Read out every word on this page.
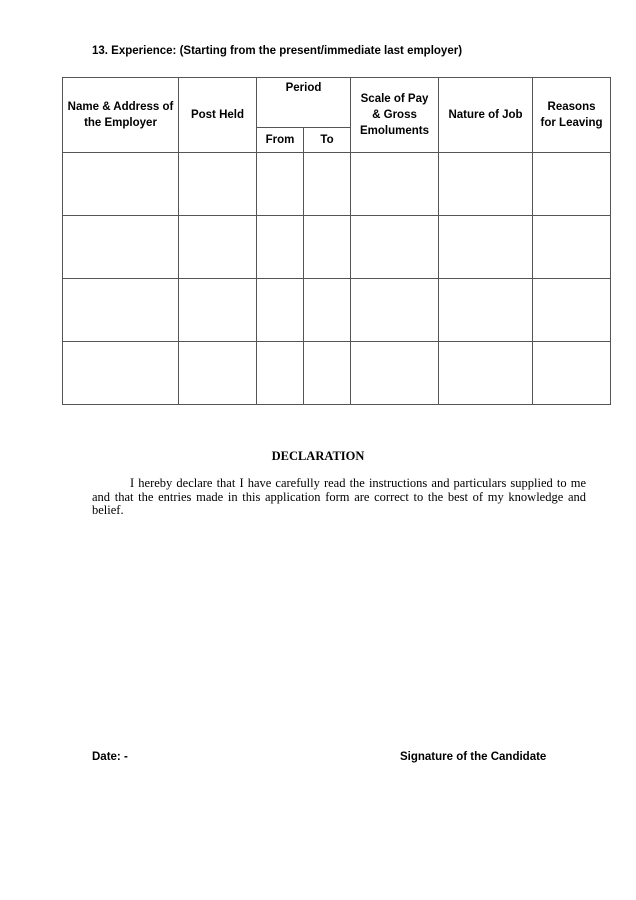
13. Experience: (Starting from the present/immediate last employer)
Name & Address of the Employer	Post Held	Period		Scale of Pay & Gross Emoluments	Nature of Job	Reasons for Leaving
		From	To			

DECLARATION

I hereby declare that I have carefully read the instructions and particulars supplied to me and that the entries made in this application form are correct to the best of my knowledge and belief.

Date: -	Signature of the Candidate
